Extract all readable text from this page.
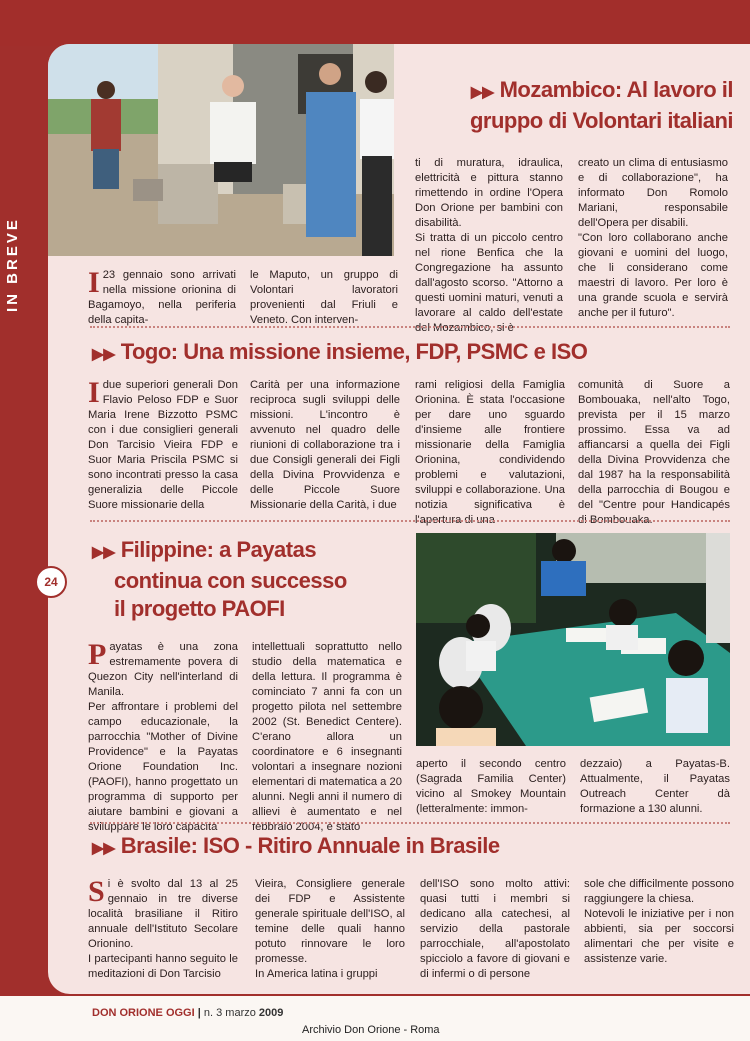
IN BREVE
▶▶ Mozambico: Al lavoro il
gruppo di Volontari italiani

I 23 gennaio sono arrivati nella missione orionina di Bagamoyo, nella periferia della capita-

le Maputo, un gruppo di Volontari lavoratori provenienti dal Friuli e Veneto. Con interven-

ti di muratura, idraulica, elettricità e pittura stanno rimettendo in ordine l'Opera Don Orione per bambini con disabilità.

Si tratta di un piccolo centro nel rione Benfica che la Congregazione ha assunto dall'agosto scorso. "Attorno a questi uomini maturi, venuti a lavorare al caldo dell'estate del Mozambico, si è

creato un clima di entusiasmo e di collaborazione", ha informato Don Romolo Mariani, responsabile dell'Opera per disabili.

"Con loro collaborano anche giovani e uomini del luogo, che li considerano come maestri di lavoro. Per loro è una grande scuola e servirà anche per il futuro".

▶▶ Togo: Una missione insieme, FDP, PSMC e ISO

I due superiori generali Don Flavio Peloso FDP e Suor Maria Irene Bizzotto PSMC con i due consiglieri generali Don Tarcisio Vieira FDP e Suor Maria Priscila PSMC si sono incontrati presso la casa generalizia delle Piccole Suore missionarie della

Carità per una informazione reciproca sugli sviluppi delle missioni. L'incontro è avvenuto nel quadro delle riunioni di collaborazione tra i due Consigli generali dei Figli della Divina Provvidenza e delle Piccole Suore Missionarie della Carità, i due

rami religiosi della Famiglia Orionina. È stata l'occasione per dare uno sguardo d'insieme alle frontiere missionarie della Famiglia Orionina, condividendo problemi e valutazioni, sviluppi e collaborazione. Una notizia significativa è l'apertura di una

comunità di Suore a Bombouaka, nell'alto Togo, prevista per il 15 marzo prossimo. Essa va ad affiancarsi a quella dei Figli della Divina Provvidenza che dal 1987 ha la responsabilità della parrocchia di Bougou e del "Centre pour Handicapés di Bombouaka.

24
▶▶ Filippine: a Payatas
continua con successo
il progetto PAOFI

Payatas è una zona estremamente povera di Quezon City nell'interland di Manila.

Per affrontare i problemi del campo educazionale, la parrocchia "Mother of Divine Providence" e la Payatas Orione Foundation Inc. (PAOFI), hanno progettato un programma di supporto per aiutare bambini e giovani a sviluppare le loro capacità

intellettuali soprattutto nello studio della matematica e della lettura. Il programma è cominciato 7 anni fa con un progetto pilota nel settembre 2002 (St. Benedict Centere). C'erano allora un coordinatore e 6 insegnanti volontari a insegnare nozioni elementari di matematica a 20 alunni. Negli anni il numero di allievi è aumentato e nel febbraio 2004, è stato

aperto il secondo centro (Sagrada Familia Center) vicino al Smokey Mountain (letteralmente: immon-

dezzaio) a Payatas-B. Attualmente, il Payatas Outreach Center dà formazione a 130 alunni.

▶▶ Brasile: ISO - Ritiro Annuale in Brasile

Si è svolto dal 13 al 25 gennaio in tre diverse località brasiliane il Ritiro annuale dell'Istituto Secolare Orionino.

I partecipanti hanno seguito le meditazioni di Don Tarcisio

Vieira, Consigliere generale dei FDP e Assistente generale spirituale dell'ISO, al temine delle quali hanno potuto rinnovare le loro promesse.

In America latina i gruppi

dell'ISO sono molto attivi: quasi tutti i membri si dedicano alla catechesi, al servizio della pastorale parrocchiale, all'apostolato spicciolo a favore di giovani e di infermi o di persone

sole che difficilmente possono raggiungere la chiesa.

Notevoli le iniziative per i non abbienti, sia per soccorsi alimentari che per visite e assistenze varie.

DON ORIONE OGGI | n. 3 marzo 2009
Archivio Don Orione - Roma
